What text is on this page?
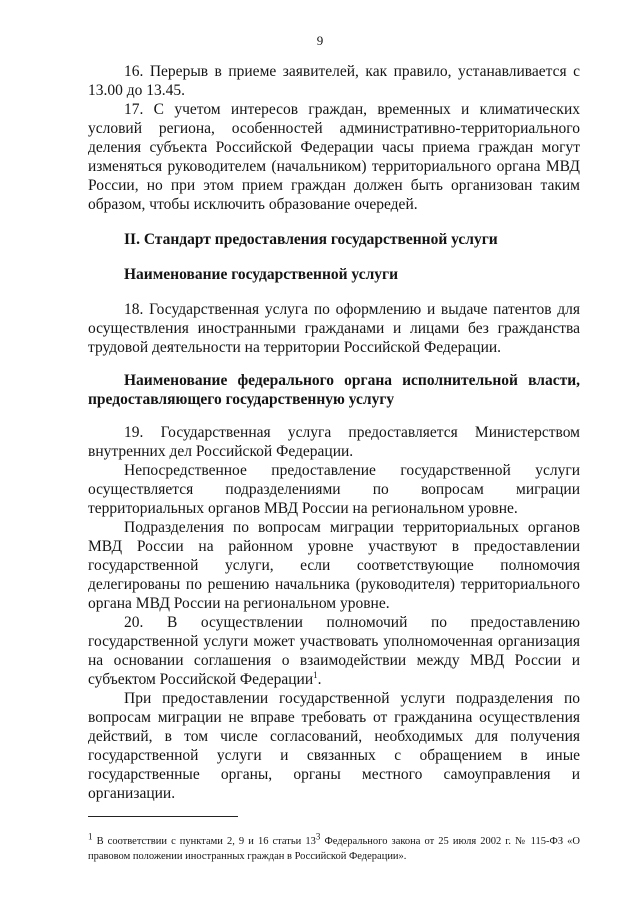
9

16. Перерыв в приеме заявителей, как правило, устанавливается с 13.00 до 13.45.

17. С учетом интересов граждан, временных и климатических условий региона, особенностей административно-территориального деления субъекта Российской Федерации часы приема граждан могут изменяться руководителем (начальником) территориального органа МВД России, но при этом прием граждан должен быть организован таким образом, чтобы исключить образование очередей.

II. Стандарт предоставления государственной услуги

Наименование государственной услуги

18. Государственная услуга по оформлению и выдаче патентов для осуществления иностранными гражданами и лицами без гражданства трудовой деятельности на территории Российской Федерации.

Наименование федерального органа исполнительной власти, предоставляющего государственную услугу

19. Государственная услуга предоставляется Министерством внутренних дел Российской Федерации.

Непосредственное предоставление государственной услуги осуществляется подразделениями по вопросам миграции территориальных органов МВД России на региональном уровне.

Подразделения по вопросам миграции территориальных органов МВД России на районном уровне участвуют в предоставлении государственной услуги, если соответствующие полномочия делегированы по решению начальника (руководителя) территориального органа МВД России на региональном уровне.

20. В осуществлении полномочий по предоставлению государственной услуги может участвовать уполномоченная организация на основании соглашения о взаимодействии между МВД России и субъектом Российской Федерации$^1$.

При предоставлении государственной услуги подразделения по вопросам миграции не вправе требовать от гражданина осуществления действий, в том числе согласований, необходимых для получения государственной услуги и связанных с обращением в иные государственные органы, органы местного самоуправления и организации.

1 В соответствии с пунктами 2, 9 и 16 статьи 133 Федерального закона от 25 июля 2002 г. № 115-ФЗ «О правовом положении иностранных граждан в Российской Федерации».
